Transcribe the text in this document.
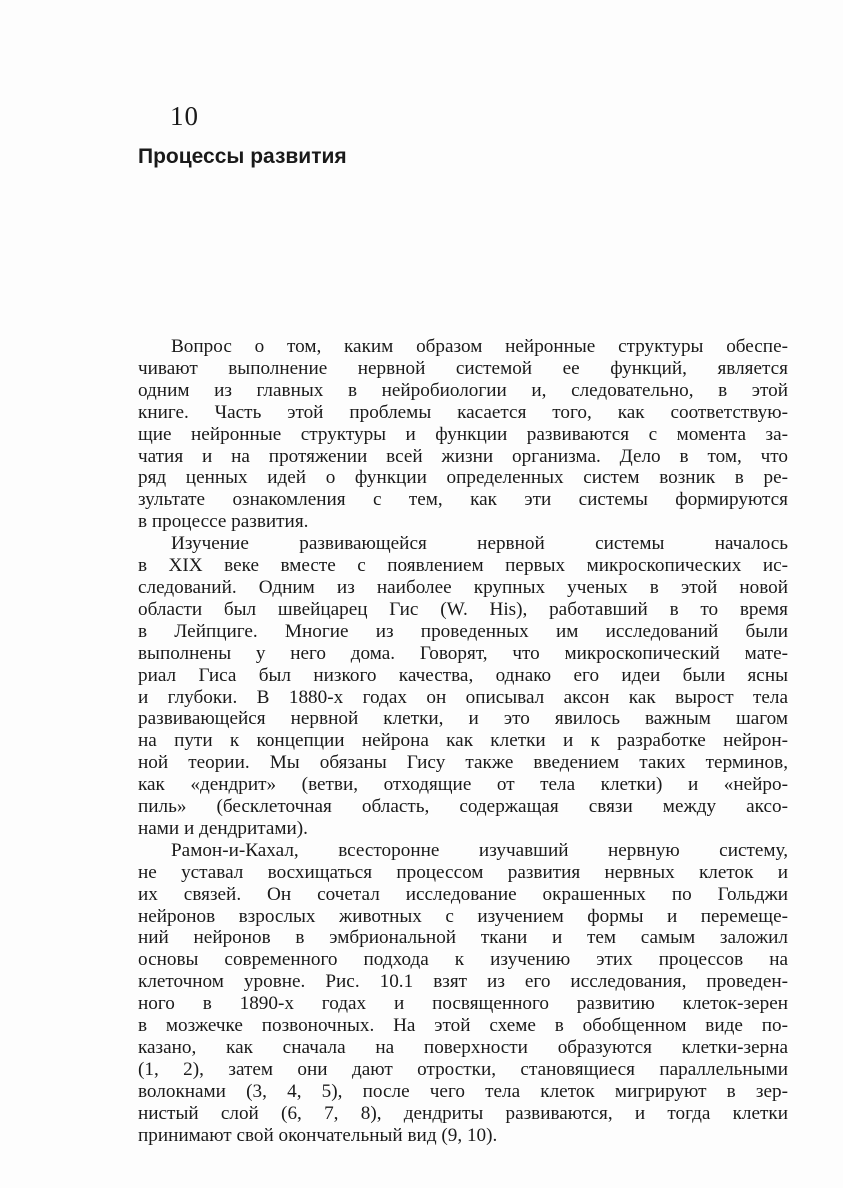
10
Процессы развития
Вопрос о том, каким образом нейронные структуры обеспе-
чивают выполнение нервной системой ее функций, является
одним из главных в нейробиологии и, следовательно, в этой
книге. Часть этой проблемы касается того, как соответствую-
щие нейронные структуры и функции развиваются с момента за-
чатия и на протяжении всей жизни организма. Дело в том, что
ряд ценных идей о функции определенных систем возник в ре-
зультате ознакомления с тем, как эти системы формируются
в процессе развития.
Изучение развивающейся нервной системы началось
в XIX веке вместе с появлением первых микроскопических ис-
следований. Одним из наиболее крупных ученых в этой новой
области был швейцарец Гис (W. His), работавший в то время
в Лейпциге. Многие из проведенных им исследований были
выполнены у него дома. Говорят, что микроскопический мате-
риал Гиса был низкого качества, однако его идеи были ясны
и глубоки. В 1880-х годах он описывал аксон как вырост тела
развивающейся нервной клетки, и это явилось важным шагом
на пути к концепции нейрона как клетки и к разработке нейрон-
ной теории. Мы обязаны Гису также введением таких терминов,
как «дендрит» (ветви, отходящие от тела клетки) и «нейро-
пиль» (бесклеточная область, содержащая связи между аксо-
нами и дендритами).
Рамон-и-Кахал, всесторонне изучавший нервную систему,
не уставал восхищаться процессом развития нервных клеток и
их связей. Он сочетал исследование окрашенных по Гольджи
нейронов взрослых животных с изучением формы и перемеще-
ний нейронов в эмбриональной ткани и тем самым заложил
основы современного подхода к изучению этих процессов на
клеточном уровне. Рис. 10.1 взят из его исследования, проведен-
ного в 1890-х годах и посвященного развитию клеток-зерен
в мозжечке позвоночных. На этой схеме в обобщенном виде по-
казано, как сначала на поверхности образуются клетки-зерна
(1, 2), затем они дают отростки, становящиеся параллельными
волокнами (3, 4, 5), после чего тела клеток мигрируют в зер-
нистый слой (6, 7, 8), дендриты развиваются, и тогда клетки
принимают свой окончательный вид (9, 10).
